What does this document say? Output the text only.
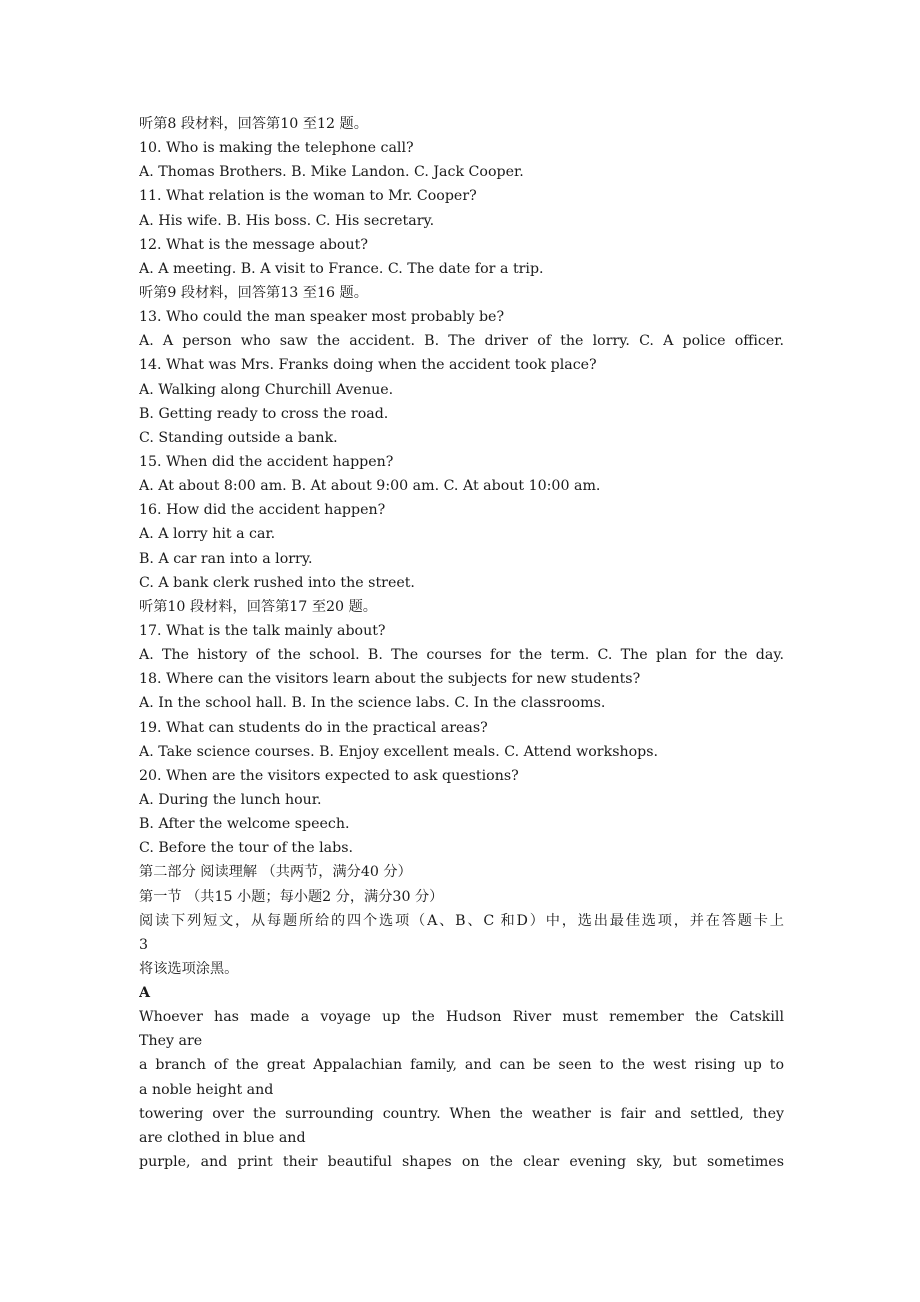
听第8 段材料，回答第10 至12 题。
10. Who is making the telephone call?
A. Thomas Brothers. B. Mike Landon. C. Jack Cooper.
11. What relation is the woman to Mr. Cooper?
A. His wife. B. His boss. C. His secretary.
12. What is the message about?
A. A meeting. B. A visit to France. C. The date for a trip.
听第9 段材料，回答第13 至16 题。
13. Who could the man speaker most probably be?
A. A person who saw the accident. B. The driver of the lorry. C. A police officer.
14. What was Mrs. Franks doing when the accident took place?
A. Walking along Churchill Avenue.
B. Getting ready to cross the road.
C. Standing outside a bank.
15. When did the accident happen?
A. At about 8:00 am. B. At about 9:00 am. C. At about 10:00 am.
16. How did the accident happen?
A. A lorry hit a car.
B. A car ran into a lorry.
C. A bank clerk rushed into the street.
听第10 段材料，回答第17 至20 题。
17. What is the talk mainly about?
A. The history of the school. B. The courses for the term. C. The plan for the day.
18. Where can the visitors learn about the subjects for new students?
A. In the school hall. B. In the science labs. C. In the classrooms.
19. What can students do in the practical areas?
A. Take science courses. B. Enjoy excellent meals. C. Attend workshops.
20. When are the visitors expected to ask questions?
A. During the lunch hour.
B. After the welcome speech.
C. Before the tour of the labs.
第二部分 阅读理解 （共两节，满分40 分）
第一节 （共15 小题；每小题2 分，满分30 分）
阅读下列短文，从每题所给的四个选项（A、B、C 和D）中，选出最佳选项，并在答题卡上
3
将该选项涂黑。
A
Whoever has made a voyage up the Hudson River must remember the Catskill
They are
a branch of the great Appalachian family, and can be seen to the west rising up to
a noble height and
towering over the surrounding country. When the weather is fair and settled, they
are clothed in blue and
purple, and print their beautiful shapes on the clear evening sky, but sometimes
